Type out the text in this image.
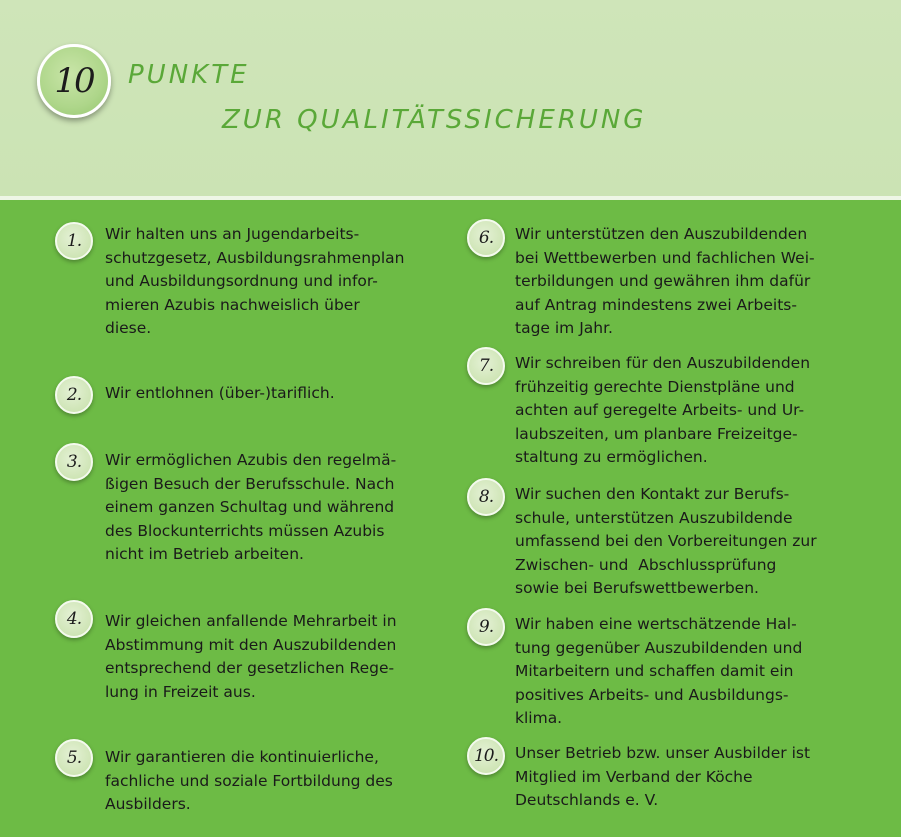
10 PUNKTE
ZUR QUALITÄTSSICHERUNG
1. Wir halten uns an Jugendarbeits-
schutzgesetz, Ausbildungsrahmenplan
und Ausbildungsordnung und infor-
mieren Azubis nachweislich über
diese.

2. Wir entlohnen (über-)tariflich.

3. Wir ermöglichen Azubis den regelmä-
ßigen Besuch der Berufsschule. Nach
einem ganzen Schultag und während
des Blockunterrichts müssen Azubis
nicht im Betrieb arbeiten.

4. Wir gleichen anfallende Mehrarbeit in
Abstimmung mit den Auszubildenden
entsprechend der gesetzlichen Rege-
lung in Freizeit aus.

5. Wir garantieren die kontinuierliche,
fachliche und soziale Fortbildung des
Ausbilders.

6. Wir unterstützen den Auszubildenden
bei Wettbewerben und fachlichen Wei-
terbildungen und gewähren ihm dafür
auf Antrag mindestens zwei Arbeits-
tage im Jahr.

7. Wir schreiben für den Auszubildenden
frühzeitig gerechte Dienstpläne und
achten auf geregelte Arbeits- und Ur-
laubszeiten, um planbare Freizeitge-
staltung zu ermöglichen.

8. Wir suchen den Kontakt zur Berufs-
schule, unterstützen Auszubildende
umfassend bei den Vorbereitungen zur
Zwischen- und  Abschlussprüfung
sowie bei Berufswettbewerben.

9. Wir haben eine wertschätzende Hal-
tung gegenüber Auszubildenden und
Mitarbeitern und schaffen damit ein
positives Arbeits- und Ausbildungs-
klima.

10. Unser Betrieb bzw. unser Ausbilder ist
Mitglied im Verband der Köche
Deutschlands e. V.
